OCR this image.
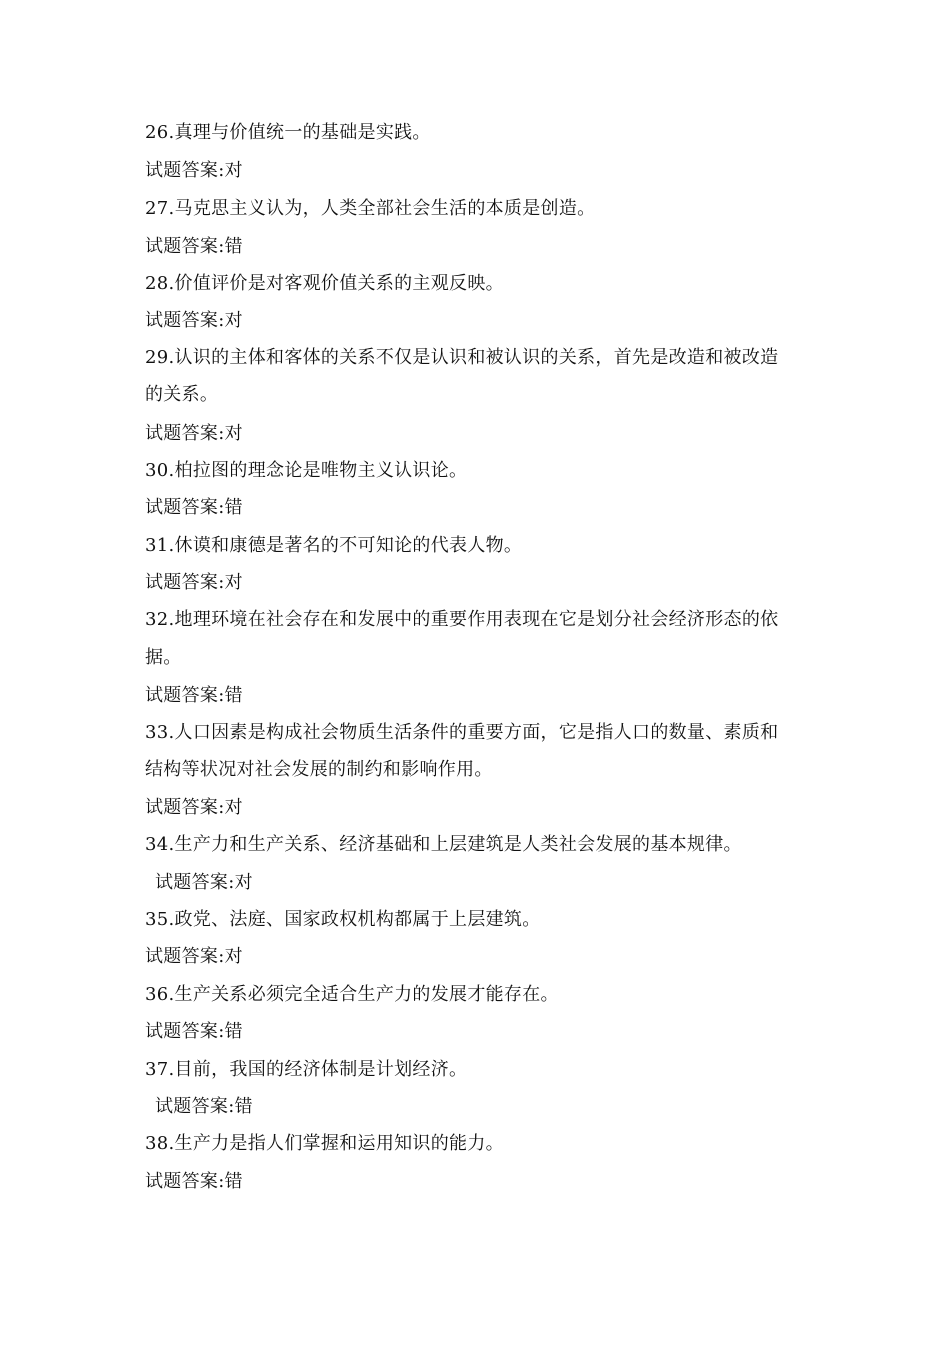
26.真理与价值统一的基础是实践。
试题答案:对
27.马克思主义认为，人类全部社会生活的本质是创造。
试题答案:错
28.价值评价是对客观价值关系的主观反映。
试题答案:对
29.认识的主体和客体的关系不仅是认识和被认识的关系，首先是改造和被改造
的关系。
试题答案:对
30.柏拉图的理念论是唯物主义认识论。
试题答案:错
31.休谟和康德是著名的不可知论的代表人物。
试题答案:对
32.地理环境在社会存在和发展中的重要作用表现在它是划分社会经济形态的依
据。
试题答案:错
33.人口因素是构成社会物质生活条件的重要方面，它是指人口的数量、素质和
结构等状况对社会发展的制约和影响作用。
试题答案:对
34.生产力和生产关系、经济基础和上层建筑是人类社会发展的基本规律。
试题答案:对
35.政党、法庭、国家政权机构都属于上层建筑。
试题答案:对
36.生产关系必须完全适合生产力的发展才能存在。
试题答案:错
37.目前，我国的经济体制是计划经济。
试题答案:错
38.生产力是指人们掌握和运用知识的能力。
试题答案:错
